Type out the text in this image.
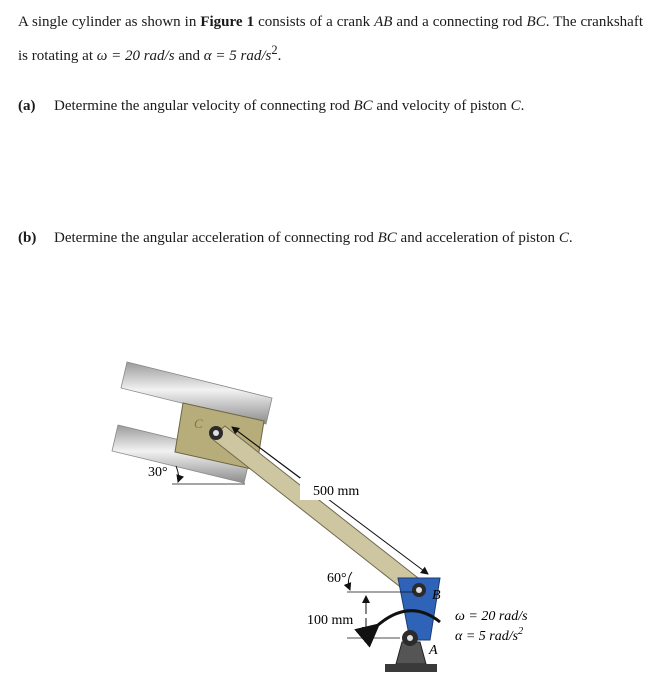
A single cylinder as shown in Figure 1 consists of a crank AB and a connecting rod BC. The crankshaft is rotating at ω = 20 rad/s and α = 5 rad/$s^2$.
(a) Determine the angular velocity of connecting rod BC and velocity of piston C.
(b) Determine the angular acceleration of connecting rod BC and acceleration of piston C.
C
30°
500 mm
60°
100 mm
B
A
ω = 20 rad/s
α = 5 rad/$s^2$
